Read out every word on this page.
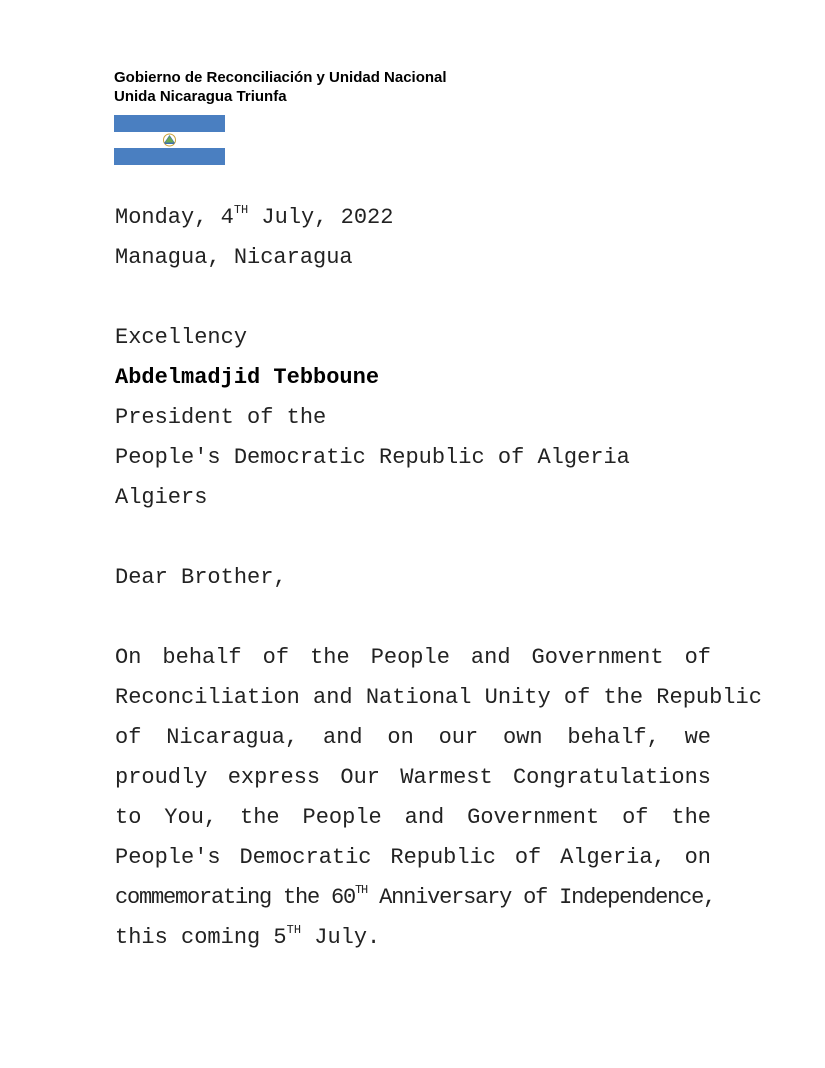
Gobierno de Reconciliación y Unidad Nacional
Unida Nicaragua Triunfa
Monday, 4TH July, 2022
Managua, Nicaragua
Excellency
Abdelmadjid Tebboune
President of the
People's Democratic Republic of Algeria
Algiers
Dear Brother,
On behalf of the People and Government of
Reconciliation and National Unity of the Republic
of Nicaragua, and on our own behalf, we
proudly express Our Warmest Congratulations
to You, the People and Government of the
People's Democratic Republic of Algeria, on
commemorating the 60TH Anniversary of Independence,
this coming 5TH July.
